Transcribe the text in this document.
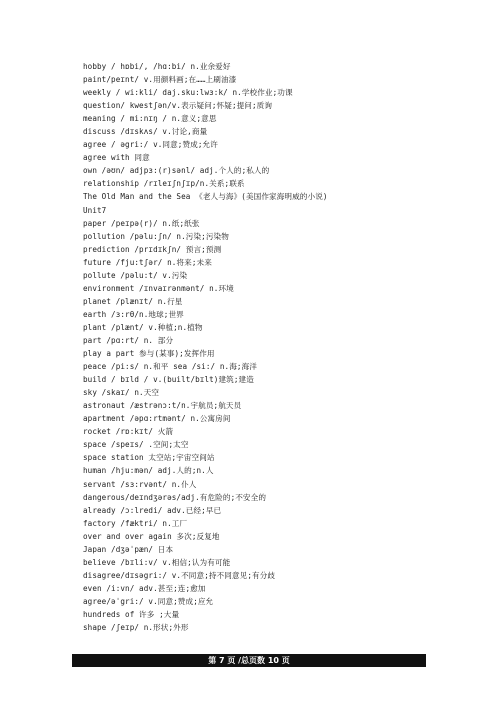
hobby / hɒbi/, /hɑ:bi/ n.业余爱好
paint/peɪnt/ v.用颜料画;在……上刷油漆
weekly / wi:kli/ daj.sku:lwɜ:k/ n.学校作业;功课
question/ kwestʃən/v.表示疑问;怀疑;提问;质询
meaning / mi:nɪŋ / n.意义;意思
discuss /dɪskʌs/ v.讨论,商量
agree / əgri:/ v.同意;赞成;允许
agree with 同意
own /əʊn/ adjpɜ:(r)sənl/ adj.个人的;私人的
relationship /rɪleɪʃnʃɪp/n.关系;联系
The Old Man and the Sea 《老人与海》(美国作家海明威的小说)
Unit7
paper /peɪpə(r)/ n.纸;纸张
pollution /pəlu:ʃn/ n.污染;污染物
prediction /prɪdɪkʃn/ 预言;预测
future /fju:tʃər/ n.将来;未来
pollute /pəlu:t/ v.污染
environment /ɪnvaɪrənmənt/ n.环境
planet /plænɪt/ n.行星
earth /ɜ:rθ/n.地球;世界
plant /plænt/ v.种植;n.植物
part /pɑ:rt/ n. 部分
play a part 参与(某事);发挥作用
peace /pi:s/ n.和平 sea /si:/ n.海;海洋
build / bɪld / v.(built/bɪlt)建筑;建造
sky /skaɪ/ n.天空
astronaut /æstrənɔ:t/n.宇航员;航天员
apartment /əpɑ:rtmənt/ n.公寓房间
rocket /rɒ:kɪt/ 火箭
space /speɪs/ .空间;太空
space station 太空站;宇宙空间站
human /hju:mən/ adj.人的;n.人
servant /sɜ:rvənt/ n.仆人
dangerous/deɪndʒərəs/adj.有危险的;不安全的
already /ɔ:lredi/ adv.已经;早已
factory /fæktri/ n.工厂
over and over again 多次;反复地
Japan /dʒəˈpæn/ 日本
believe /bɪli:v/ v.相信;认为有可能
disagree/dɪsəgri:/ v.不同意;持不同意见;有分歧
even /i:vn/ adv.甚至;连;愈加
agree/əˈgri:/ v.同意;赞成;应允
hundreds of 许多 ;大量
shape /ʃeɪp/ n.形状;外形
第 7 页 /总页数 10 页
